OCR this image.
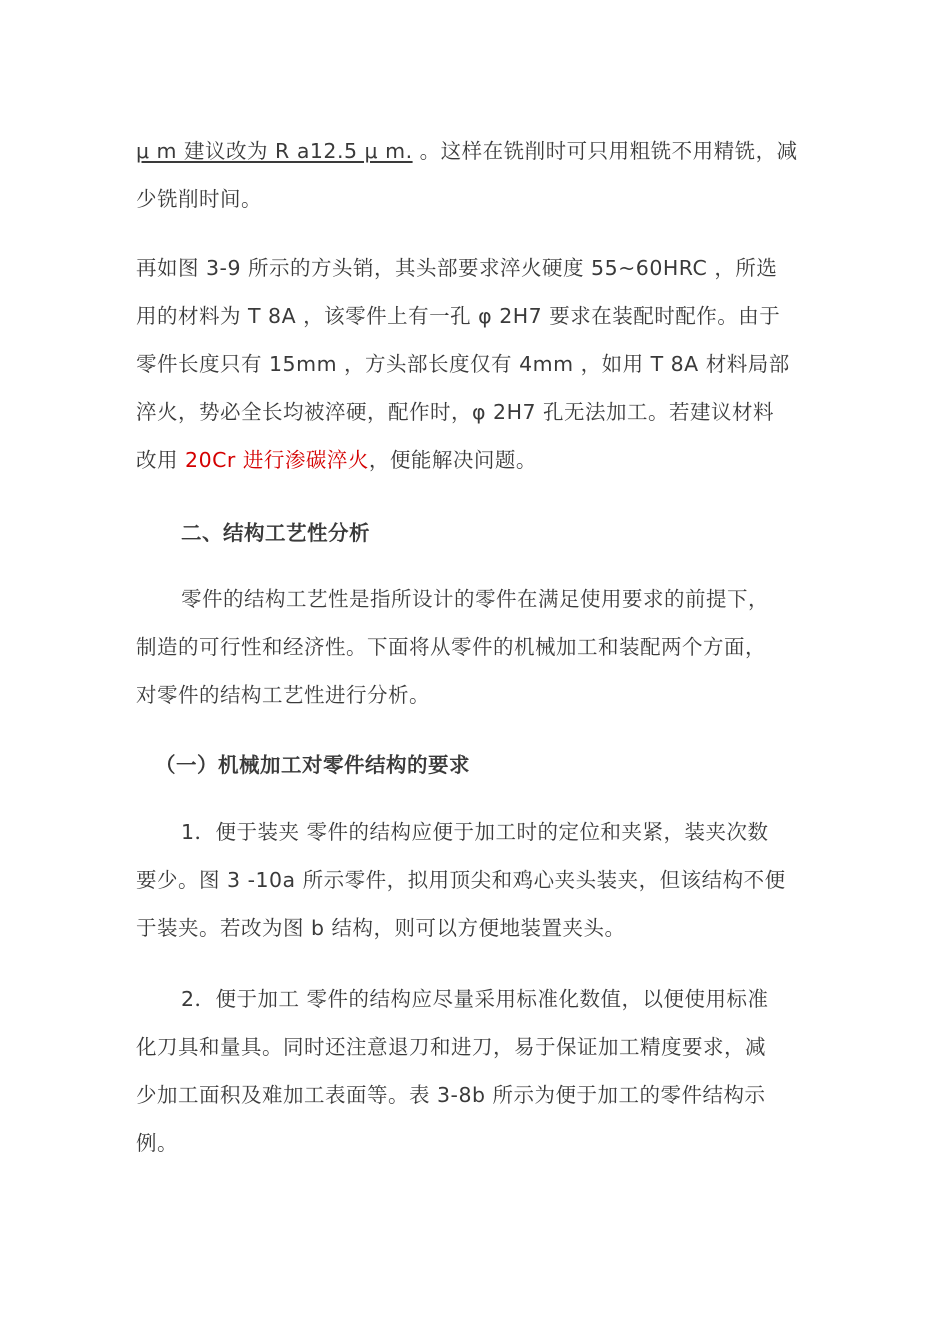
μ m 建议改为 R a12.5 μ m. 。这样在铣削时可只用粗铣不用精铣，减
少铣削时间。
再如图 3-9 所示的方头销，其头部要求淬火硬度 55~60HRC ，所选
用的材料为 T 8A ，该零件上有一孔 φ 2H7 要求在装配时配作。由于
零件长度只有 15mm ，方头部长度仅有 4mm ，如用 T 8A 材料局部
淬火，势必全长均被淬硬，配作时，φ 2H7 孔无法加工。若建议材料
改用 20Cr 进行渗碳淬火，便能解决问题。
二、结构工艺性分析
零件的结构工艺性是指所设计的零件在满足使用要求的前提下，
制造的可行性和经济性。下面将从零件的机械加工和装配两个方面，
对零件的结构工艺性进行分析。
（一）机械加工对零件结构的要求
1．便于装夹 零件的结构应便于加工时的定位和夹紧，装夹次数
要少。图 3 -10a 所示零件，拟用顶尖和鸡心夹头装夹，但该结构不便
于装夹。若改为图 b 结构，则可以方便地装置夹头。
2．便于加工 零件的结构应尽量采用标准化数值，以便使用标准
化刀具和量具。同时还注意退刀和进刀，易于保证加工精度要求，减
少加工面积及难加工表面等。表 3-8b 所示为便于加工的零件结构示
例。
